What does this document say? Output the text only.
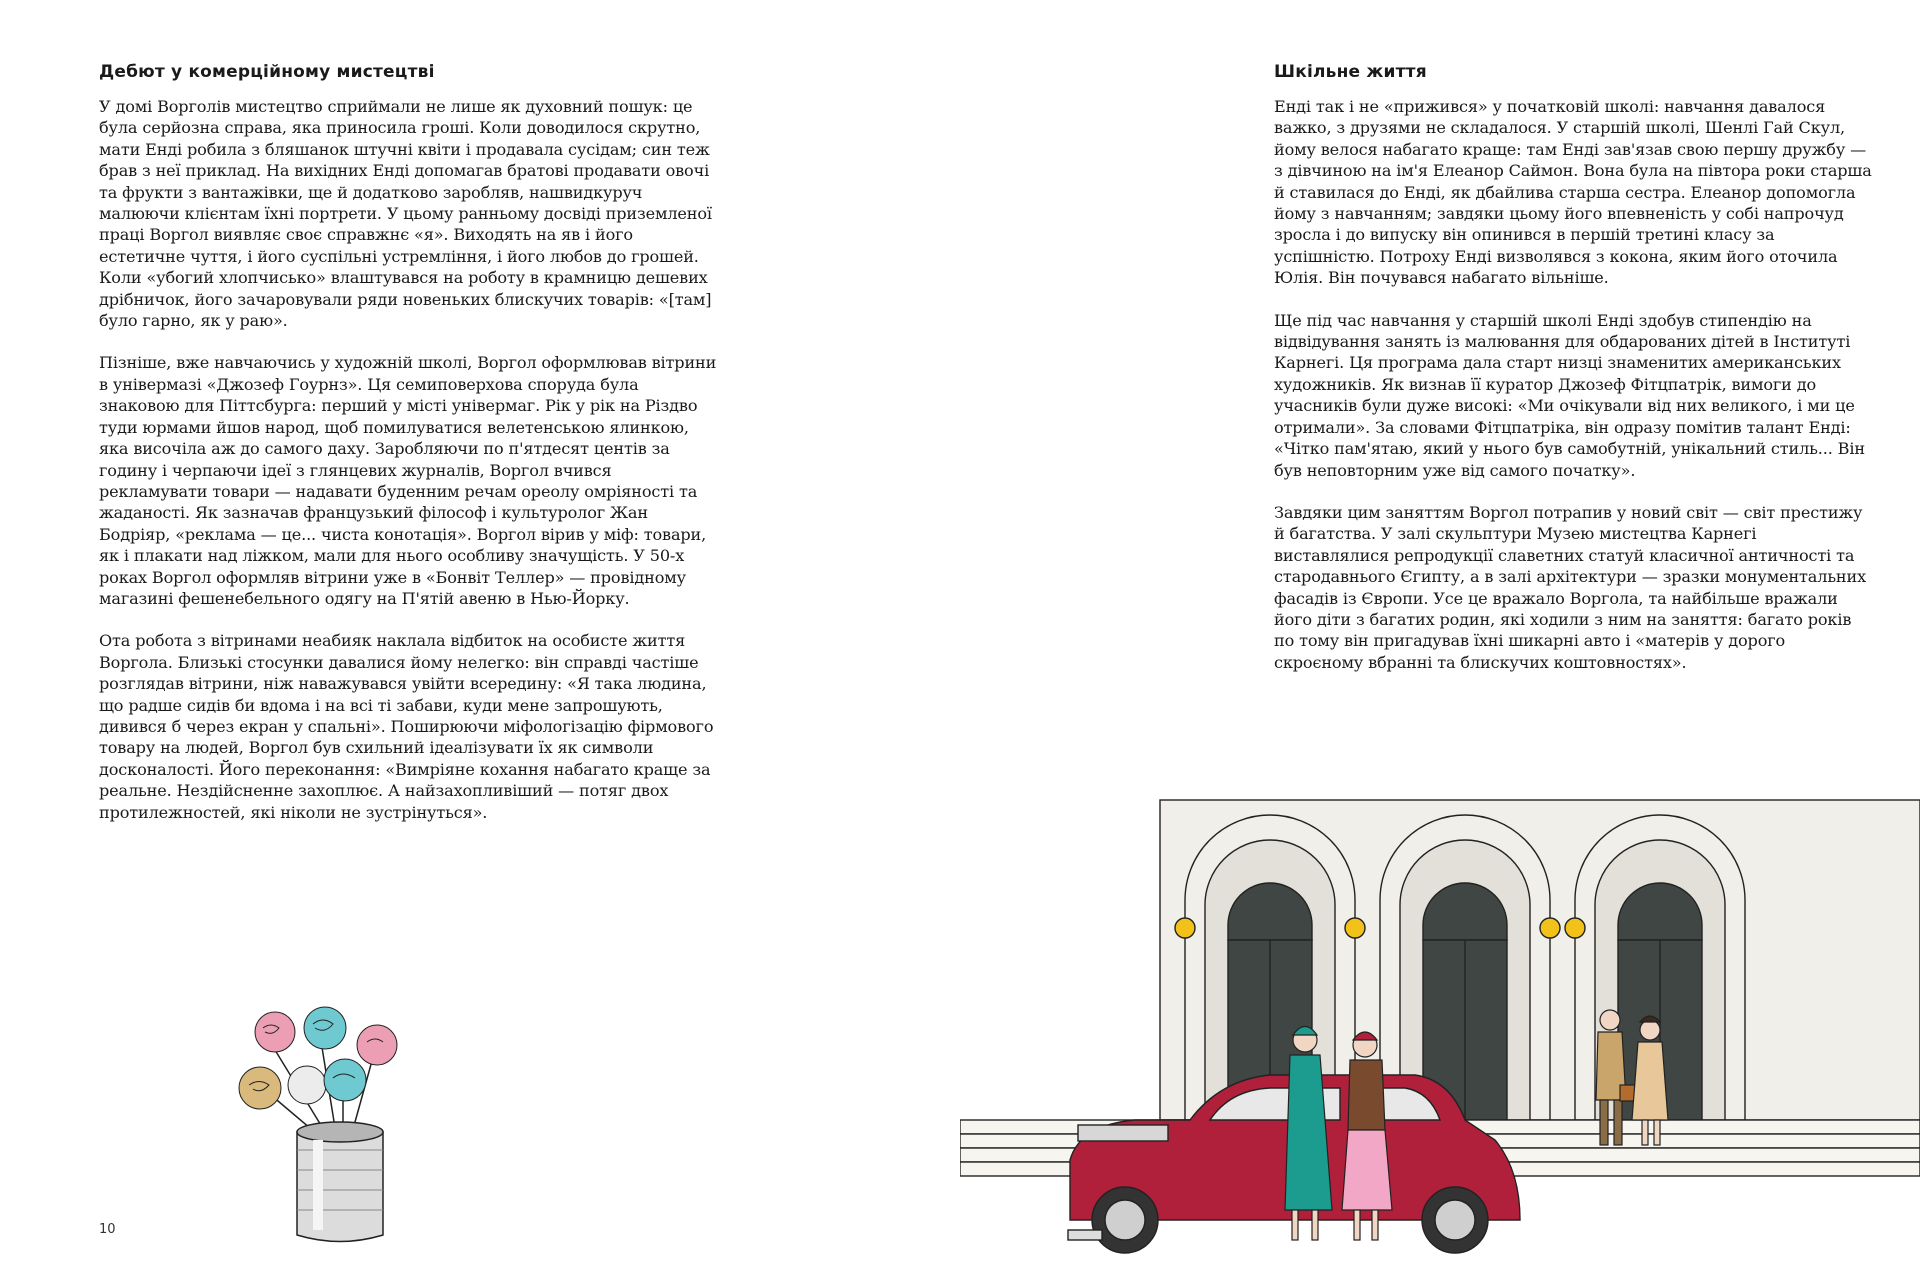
Дебют у комерційному мистецтві

У домі Ворголів мистецтво сприймали не лише як духовний пошук: це була серйозна справа, яка приносила гроші. Коли доводилося скрутно, мати Енді робила з бляшанок штучні квіти і продавала сусідам; син теж брав з неї приклад. На вихідних Енді допомагав братові продавати овочі та фрукти з вантажівки, ще й додатково заробляв, нашвидкуруч малюючи клієнтам їхні портрети. У цьому ранньому досвіді приземленої праці Воргол виявляє своє справжнє «я». Виходять на яв і його естетичне чуття, і його суспільні устремління, і його любов до грошей. Коли «убогий хлопчисько» влаштувався на роботу в крамницю дешевих дрібничок, його зачаровували ряди новеньких блискучих товарів: «[там] було гарно, як у раю».

Пізніше, вже навчаючись у художній школі, Воргол оформлював вітрини в універмазі «Джозеф Гоурнз». Ця семиповерхова споруда була знаковою для Піттсбурга: перший у місті універмаг. Рік у рік на Різдво туди юрмами йшов народ, щоб помилуватися велетенською ялинкою, яка височіла аж до самого даху. Заробляючи по п'ятдесят центів за годину і черпаючи ідеї з глянцевих журналів, Воргол вчився рекламувати товари — надавати буденним речам ореолу омріяності та жаданості. Як зазначав французький філософ і культуролог Жан Бодріяр, «реклама — це... чиста конотація». Воргол вірив у міф: товари, як і плакати над ліжком, мали для нього особливу значущість. У 50-х роках Воргол оформляв вітрини уже в «Бонвіт Теллер» — провідному магазині фешенебельного одягу на П'ятій авеню в Нью-Йорку.

Ота робота з вітринами неабияк наклала відбиток на особисте життя Воргола. Близькі стосунки давалися йому нелегко: він справді частіше розглядав вітрини, ніж наважувався увійти всередину: «Я така людина, що радше сидів би вдома і на всі ті забави, куди мене запрошують, дивився б через екран у спальні». Поширюючи міфологізацію фірмового товару на людей, Воргол був схильний ідеалізувати їх як символи досконалості. Його переконання: «Вимріяне кохання набагато краще за реальне. Нездійсненне захоплює. А найзахопливіший — потяг двох протилежностей, які ніколи не зустрінуться».

10
Шкільне життя

Енді так і не «прижився» у початковій школі: навчання давалося важко, з друзями не складалося. У старшій школі, Шенлі Гай Скул, йому велося набагато краще: там Енді зав'язав свою першу дружбу — з дівчиною на ім'я Елеанор Саймон. Вона була на півтора роки старша й ставилася до Енді, як дбайлива старша сестра. Елеанор допомогла йому з навчанням; завдяки цьому його впевненість у собі напрочуд зросла і до випуску він опинився в першій третині класу за успішністю. Потроху Енді визволявся з кокона, яким його оточила Юлія. Він почувався набагато вільніше.

Ще під час навчання у старшій школі Енді здобув стипендію на відвідування занять із малювання для обдарованих дітей в Інституті Карнегі. Ця програма дала старт низці знаменитих американських художників. Як визнав її куратор Джозеф Фітцпатрік, вимоги до учасників були дуже високі: «Ми очікували від них великого, і ми це отримали». За словами Фітцпатріка, він одразу помітив талант Енді: «Чітко пам'ятаю, який у нього був самобутній, унікальний стиль... Він був неповторним уже від самого початку».

Завдяки цим заняттям Воргол потрапив у новий світ — світ престижу й багатства. У залі скульптури Музею мистецтва Карнегі виставлялися репродукції славетних статуй класичної античності та стародавнього Єгипту, а в залі архітектури — зразки монументальних фасадів із Європи. Усе це вражало Воргола, та найбільше вражали його діти з багатих родин, які ходили з ним на заняття: багато років по тому він пригадував їхні шикарні авто і «матерів у дорого скроєному вбранні та блискучих коштовностях».
